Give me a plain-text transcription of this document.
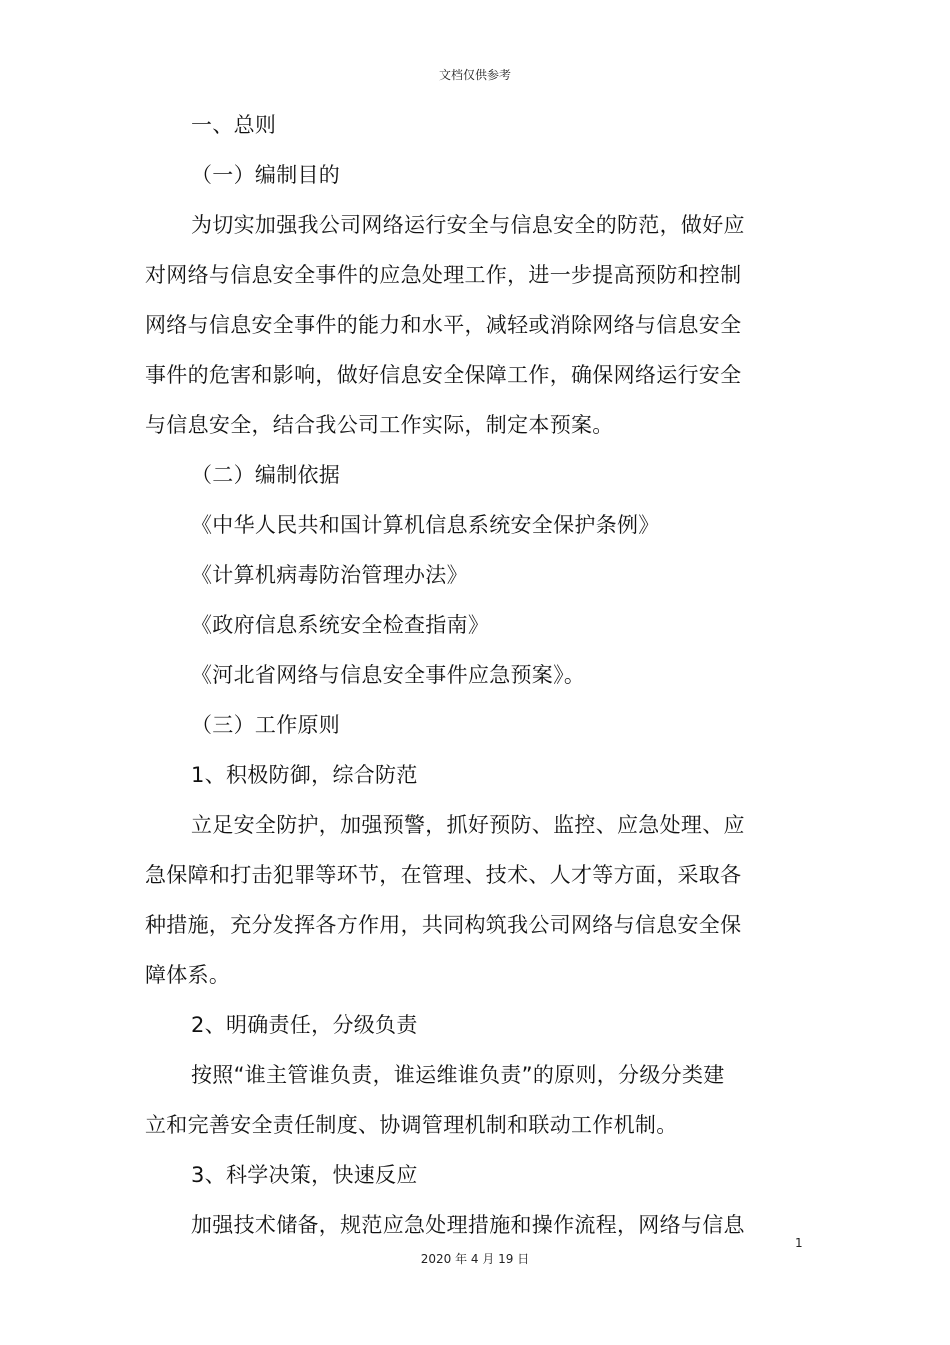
文档仅供参考

一、总则

（一）编制目的

为切实加强我公司网络运行安全与信息安全的防范，做好应对网络与信息安全事件的应急处理工作，进一步提高预防和控制网络与信息安全事件的能力和水平，减轻或消除网络与信息安全事件的危害和影响，做好信息安全保障工作，确保网络运行安全与信息安全，结合我公司工作实际，制定本预案。

（二）编制依据

《中华人民共和国计算机信息系统安全保护条例》

《计算机病毒防治管理办法》

《政府信息系统安全检查指南》

《河北省网络与信息安全事件应急预案》。

（三）工作原则

1、积极防御，综合防范

立足安全防护，加强预警，抓好预防、监控、应急处理、应急保障和打击犯罪等环节，在管理、技术、人才等方面，采取各种措施，充分发挥各方作用，共同构筑我公司网络与信息安全保障体系。

2、明确责任，分级负责

按照“谁主管谁负责，谁运维谁负责”的原则，分级分类建立和完善安全责任制度、协调管理机制和联动工作机制。

3、科学决策，快速反应

加强技术储备，规范应急处理措施和操作流程，网络与信息

1
2020 年 4 月 19 日
